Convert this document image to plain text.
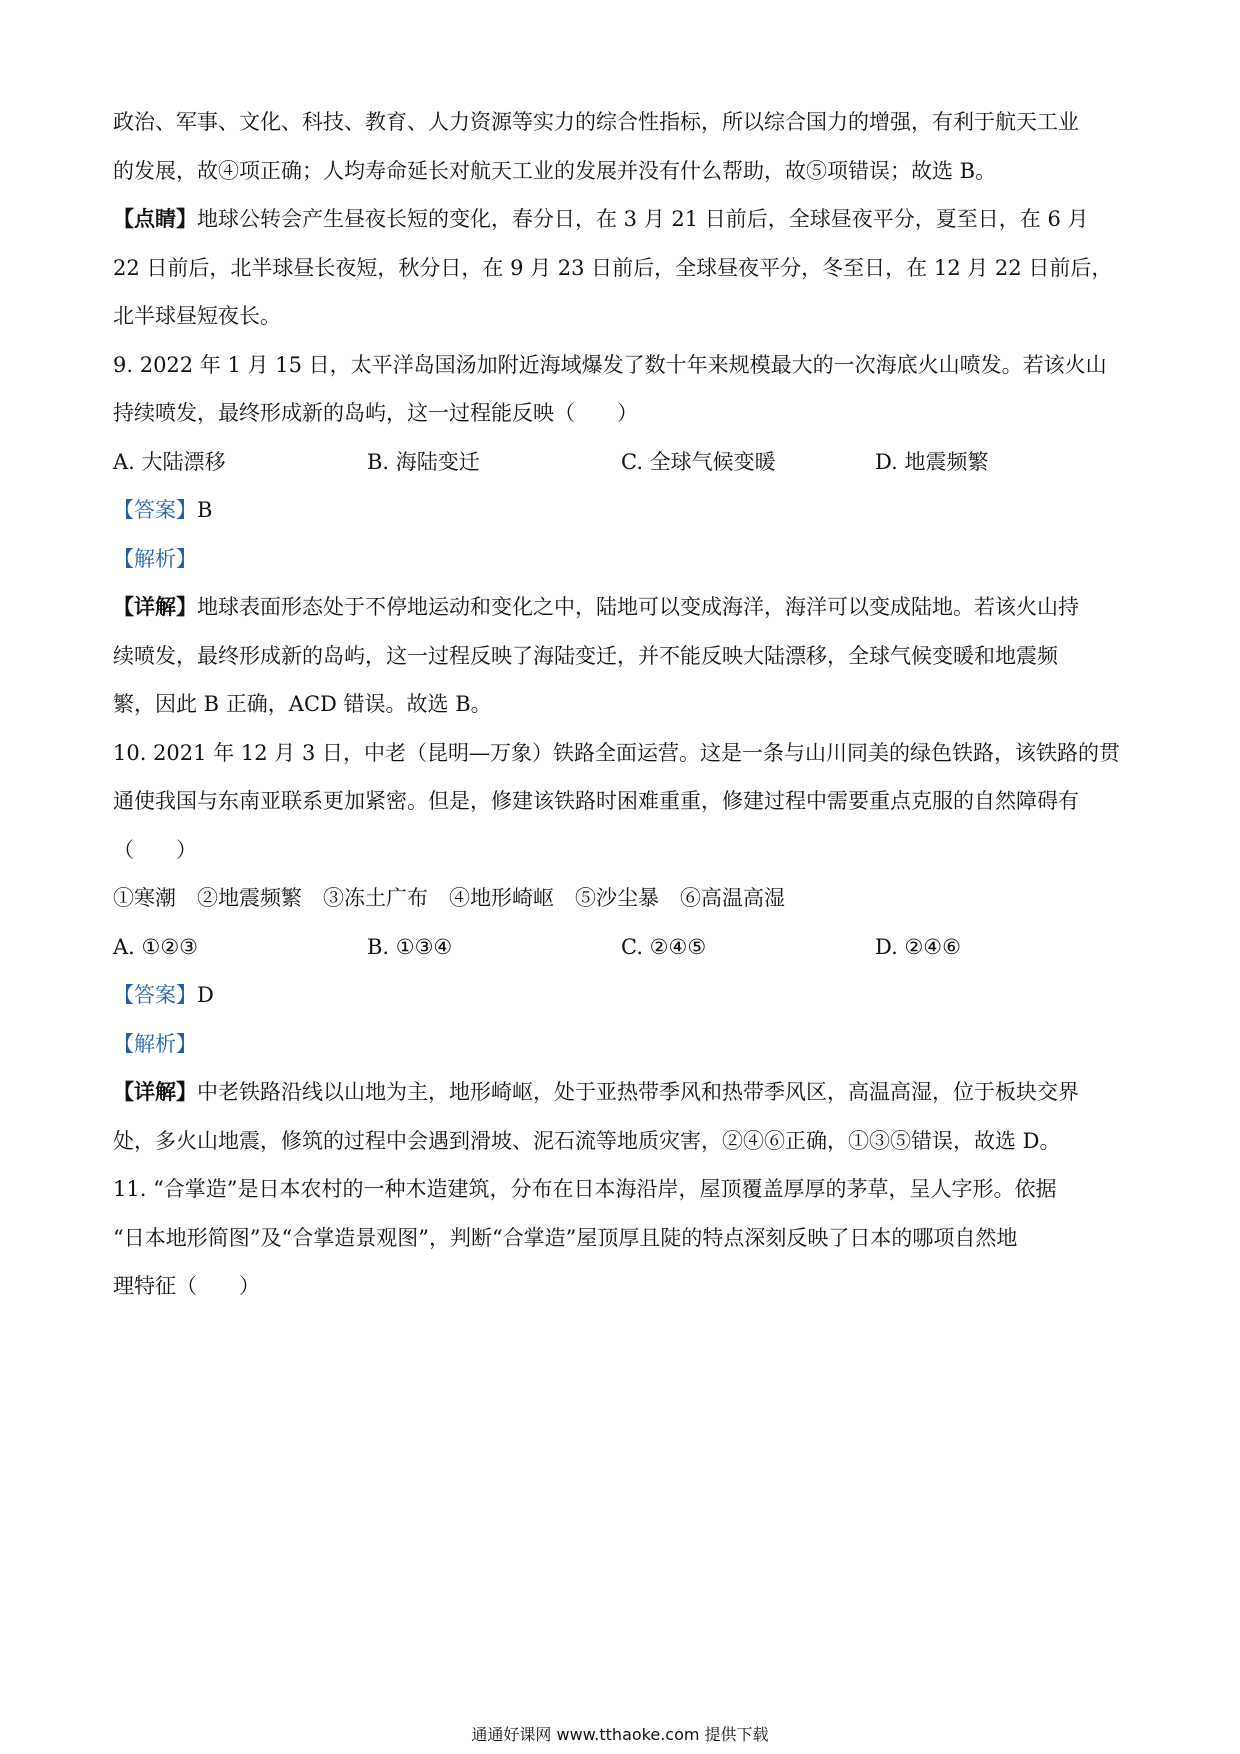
政治、军事、文化、科技、教育、人力资源等实力的综合性指标，所以综合国力的增强，有利于航天工业
的发展，故④项正确；人均寿命延长对航天工业的发展并没有什么帮助，故⑤项错误；故选 B。
【点睛】地球公转会产生昼夜长短的变化，春分日，在 3 月 21 日前后，全球昼夜平分，夏至日，在 6 月
22 日前后，北半球昼长夜短，秋分日，在 9 月 23 日前后，全球昼夜平分，冬至日，在 12 月 22 日前后，
北半球昼短夜长。
9. 2022 年 1 月 15 日，太平洋岛国汤加附近海域爆发了数十年来规模最大的一次海底火山喷发。若该火山
持续喷发，最终形成新的岛屿，这一过程能反映（　　）
A. 大陆漂移	B. 海陆变迁	C. 全球气候变暖	D. 地震频繁
【答案】B
【解析】
【详解】地球表面形态处于不停地运动和变化之中，陆地可以变成海洋，海洋可以变成陆地。若该火山持
续喷发，最终形成新的岛屿，这一过程反映了海陆变迁，并不能反映大陆漂移，全球气候变暖和地震频
繁，因此 B 正确，ACD 错误。故选 B。
10. 2021 年 12 月 3 日，中老（昆明—万象）铁路全面运营。这是一条与山川同美的绿色铁路，该铁路的贯
通使我国与东南亚联系更加紧密。但是，修建该铁路时困难重重，修建过程中需要重点克服的自然障碍有
（　　）
①寒潮　②地震频繁　③冻土广布　④地形崎岖　⑤沙尘暴　⑥高温高湿
A. ①②③	B. ①③④	C. ②④⑤	D. ②④⑥
【答案】D
【解析】
【详解】中老铁路沿线以山地为主，地形崎岖，处于亚热带季风和热带季风区，高温高湿，位于板块交界
处，多火山地震，修筑的过程中会遇到滑坡、泥石流等地质灾害，②④⑥正确，①③⑤错误，故选 D。
11. “合掌造”是日本农村的一种木造建筑，分布在日本海沿岸，屋顶覆盖厚厚的茅草，呈人字形。依据
“日本地形简图”及“合掌造景观图”，判断“合掌造”屋顶厚且陡的特点深刻反映了日本的哪项自然地
理特征（　　）
通通好课网 www.tthaoke.com 提供下载
